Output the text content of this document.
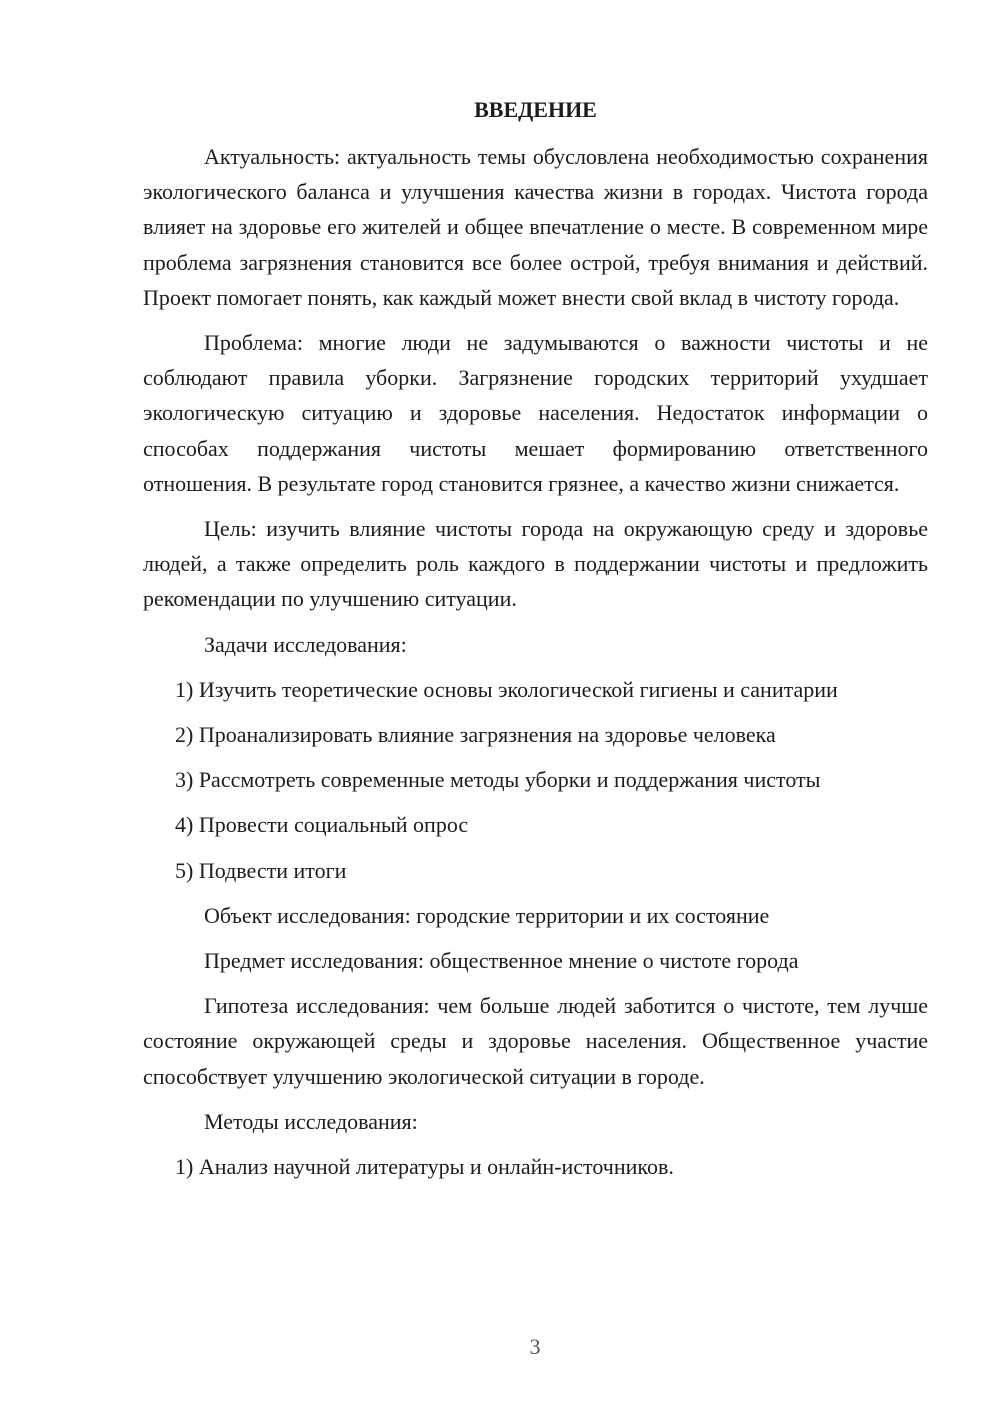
ВВЕДЕНИЕ
Актуальность: актуальность темы обусловлена необходимостью сохранения экологического баланса и улучшения качества жизни в городах. Чистота города влияет на здоровье его жителей и общее впечатление о месте. В современном мире проблема загрязнения становится все более острой, требуя внимания и действий. Проект помогает понять, как каждый может внести свой вклад в чистоту города.
Проблема: многие люди не задумываются о важности чистоты и не соблюдают правила уборки. Загрязнение городских территорий ухудшает экологическую ситуацию и здоровье населения. Недостаток информации о способах поддержания чистоты мешает формированию ответственного отношения. В результате город становится грязнее, а качество жизни снижается.
Цель: изучить влияние чистоты города на окружающую среду и здоровье людей, а также определить роль каждого в поддержании чистоты и предложить рекомендации по улучшению ситуации.
Задачи исследования:
1) Изучить теоретические основы экологической гигиены и санитарии
2) Проанализировать влияние загрязнения на здоровье человека
3) Рассмотреть современные методы уборки и поддержания чистоты
4) Провести социальный опрос
5) Подвести итоги
Объект исследования: городские территории и их состояние
Предмет исследования: общественное мнение о чистоте города
Гипотеза исследования: чем больше людей заботится о чистоте, тем лучше состояние окружающей среды и здоровье населения. Общественное участие способствует улучшению экологической ситуации в городе.
Методы исследования:
1) Анализ научной литературы и онлайн-источников.
3
